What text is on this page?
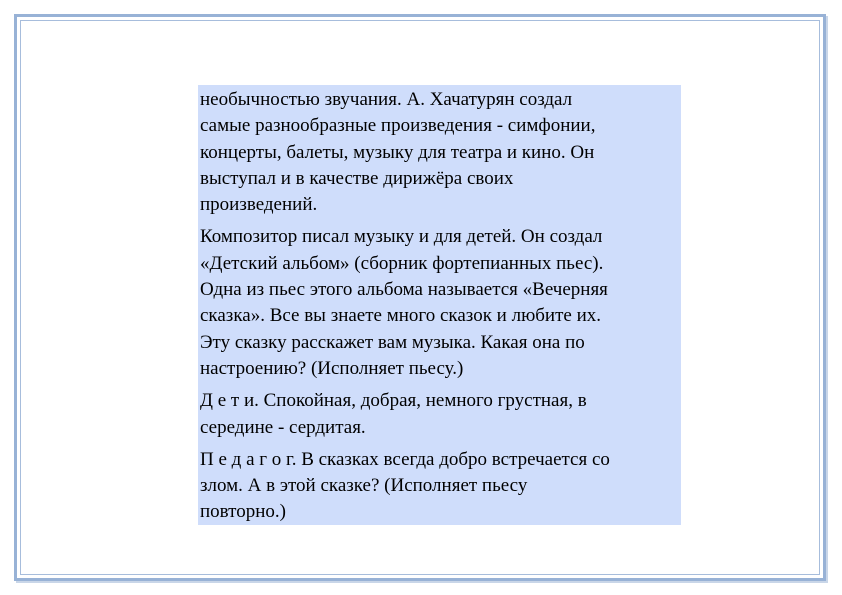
необычностью звучания. А. Хачатурян создал
самые разнообразные произведения - симфонии,
концерты, балеты, музыку для театра и кино. Он
выступал и в качестве дирижёра своих
произведений.

Композитор писал музыку и для детей. Он создал
«Детский альбом» (сборник фортепианных пьес).
Одна из пьес этого альбома называется «Вечерняя
сказка». Все вы знаете много сказок и любите их.
Эту сказку расскажет вам музыка. Какая она по
настроению? (Исполняет пьесу.)

Д е т и. Спокойная, добрая, немного грустная, в
середине - сердитая.

П е д а г о г. В сказках всегда добро встречается со
злом. А в этой сказке? (Исполняет пьесу
повторно.)
